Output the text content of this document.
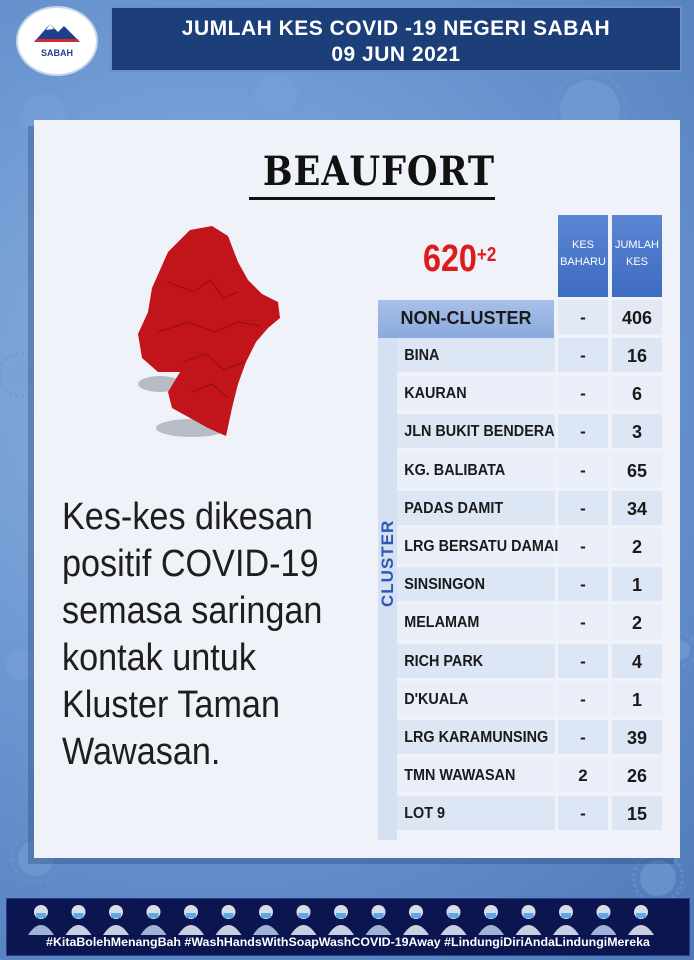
SABAH
JUMLAH KES COVID -19 NEGERI SABAH
09 JUN 2021
BEAUFORT
$620^{+2}$	KES
BAHARU
JUMLAH
KES
CLUSTER
NON-CLUSTER	-	406
BINA	-	16
KAURAN	-	6
JLN BUKIT BENDERA	-	3
KG. BALIBATA	-	65
PADAS DAMIT	-	34
LRG BERSATU DAMAI	-	2
SINSINGON	-	1
MELAMAM	-	2
RICH PARK	-	4
D'KUALA	-	1
LRG KARAMUNSING	-	39
TMN WAWASAN	2	26
LOT 9	-	15
Kes-kes dikesan
positif COVID-19
semasa saringan
kontak untuk
Kluster Taman
Wawasan.
#KitaBolehMenangBah #WashHandsWithSoapWashCOVID-19Away #LindungiDiriAndaLindungiMereka
